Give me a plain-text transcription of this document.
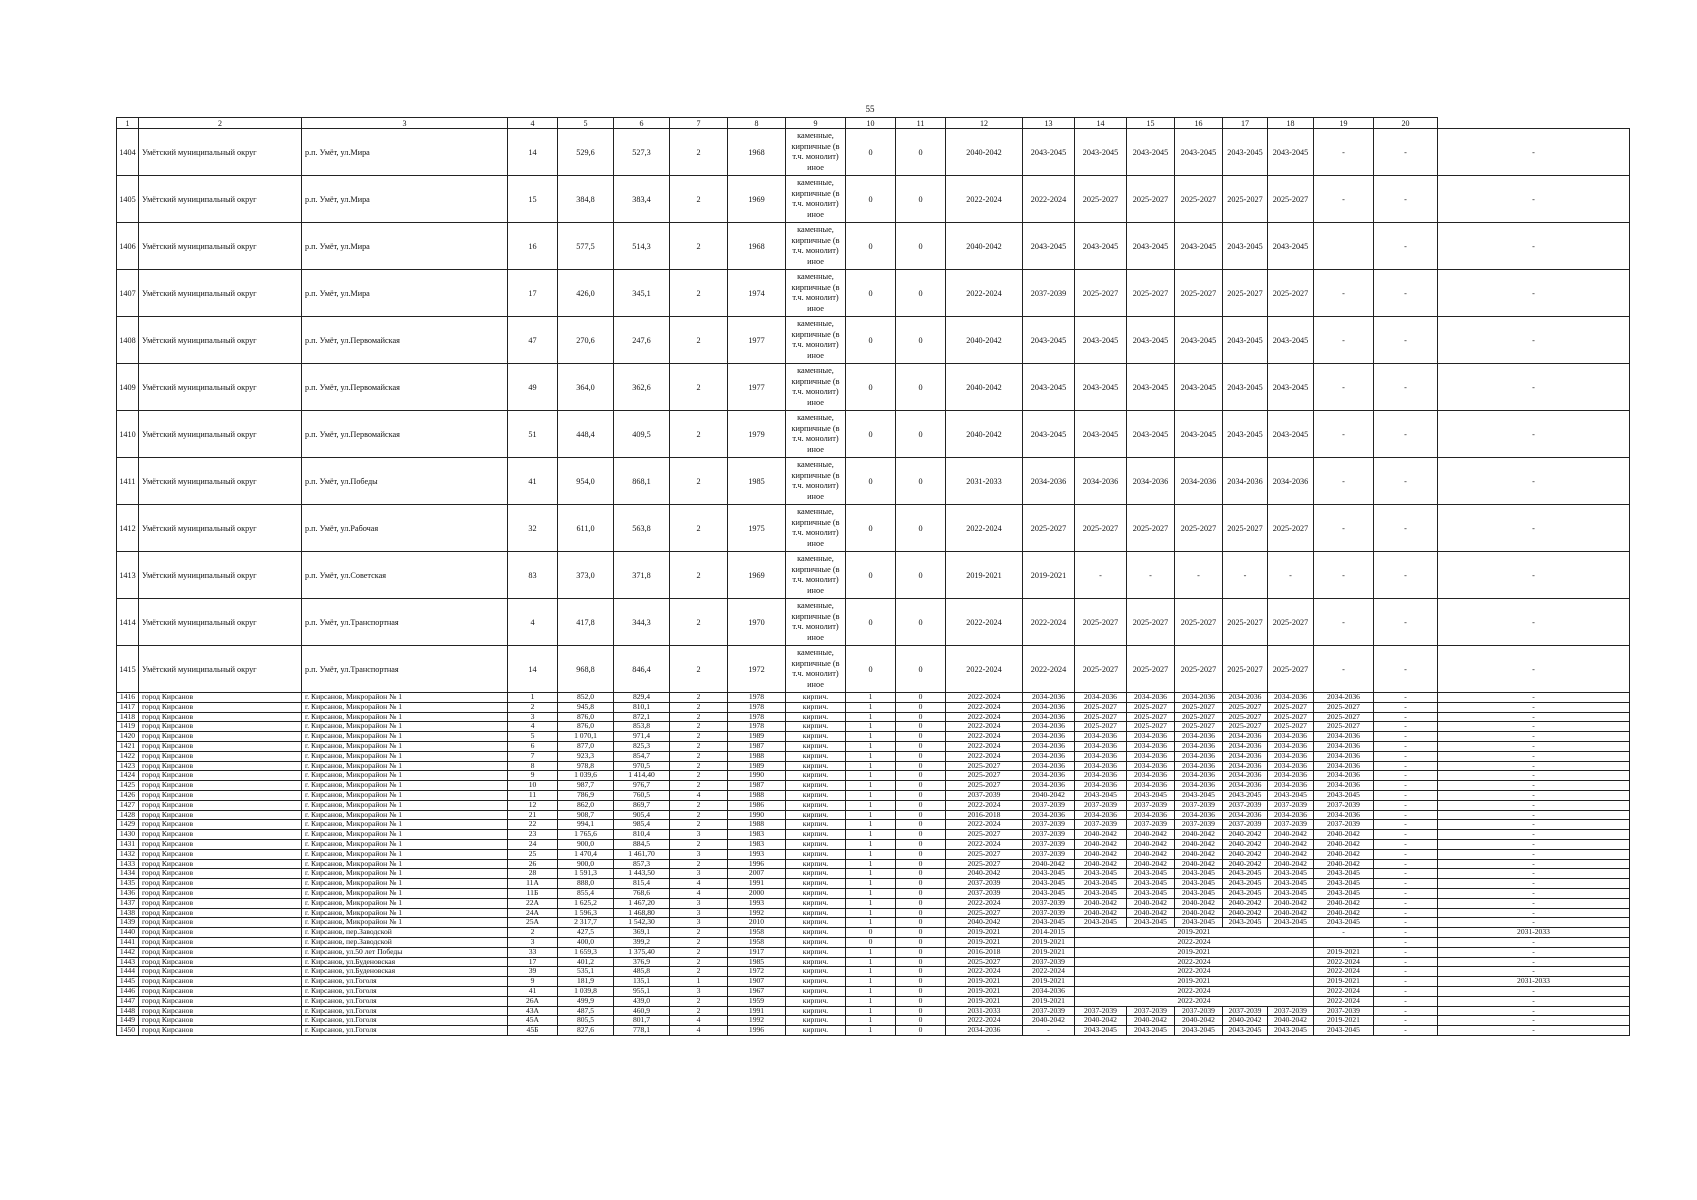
55
1	2	3	4	5	6	7	8	9	10	11	12	13	14	15	16	17	18	19	20	
1404	Умётский муниципальный округ	р.п. Умёт, ул.Мира	14	529,6	527,3	2	1968	каменные, кирпичные (в т.ч. монолит) иное	0	0	2040-2042	2043-2045	2043-2045	2043-2045	2043-2045	2043-2045	2043-2045	-	-	-
1405	Умётский муниципальный округ	р.п. Умёт, ул.Мира	15	384,8	383,4	2	1969	каменные, кирпичные (в т.ч. монолит) иное	0	0	2022-2024	2022-2024	2025-2027	2025-2027	2025-2027	2025-2027	2025-2027	-	-	-
1406	Умётский муниципальный округ	р.п. Умёт, ул.Мира	16	577,5	514,3	2	1968	каменные, кирпичные (в т.ч. монолит) иное	0	0	2040-2042	2043-2045	2043-2045	2043-2045	2043-2045	2043-2045	2043-2045		-	-
1407	Умётский муниципальный округ	р.п. Умёт, ул.Мира	17	426,0	345,1	2	1974	каменные, кирпичные (в т.ч. монолит) иное	0	0	2022-2024	2037-2039	2025-2027	2025-2027	2025-2027	2025-2027	2025-2027	-	-	-
1408	Умётский муниципальный округ	р.п. Умёт, ул.Первомайская	47	270,6	247,6	2	1977	каменные, кирпичные (в т.ч. монолит) иное	0	0	2040-2042	2043-2045	2043-2045	2043-2045	2043-2045	2043-2045	2043-2045	-	-	-
1409	Умётский муниципальный округ	р.п. Умёт, ул.Первомайская	49	364,0	362,6	2	1977	каменные, кирпичные (в т.ч. монолит) иное	0	0	2040-2042	2043-2045	2043-2045	2043-2045	2043-2045	2043-2045	2043-2045	-	-	-
1410	Умётский муниципальный округ	р.п. Умёт, ул.Первомайская	51	448,4	409,5	2	1979	каменные, кирпичные (в т.ч. монолит) иное	0	0	2040-2042	2043-2045	2043-2045	2043-2045	2043-2045	2043-2045	2043-2045	-	-	-
1411	Умётский муниципальный округ	р.п. Умёт, ул.Победы	41	954,0	868,1	2	1985	каменные, кирпичные (в т.ч. монолит) иное	0	0	2031-2033	2034-2036	2034-2036	2034-2036	2034-2036	2034-2036	2034-2036	-	-	-
1412	Умётский муниципальный округ	р.п. Умёт, ул.Рабочая	32	611,0	563,8	2	1975	каменные, кирпичные (в т.ч. монолит) иное	0	0	2022-2024	2025-2027	2025-2027	2025-2027	2025-2027	2025-2027	2025-2027	-	-	-
1413	Умётский муниципальный округ	р.п. Умёт, ул.Советская	83	373,0	371,8	2	1969	каменные, кирпичные (в т.ч. монолит) иное	0	0	2019-2021	2019-2021	-	-	-	-	-	-	-	-
1414	Умётский муниципальный округ	р.п. Умёт, ул.Транспортная	4	417,8	344,3	2	1970	каменные, кирпичные (в т.ч. монолит) иное	0	0	2022-2024	2022-2024	2025-2027	2025-2027	2025-2027	2025-2027	2025-2027	-	-	-
1415	Умётский муниципальный округ	р.п. Умёт, ул.Транспортная	14	968,8	846,4	2	1972	каменные, кирпичные (в т.ч. монолит) иное	0	0	2022-2024	2022-2024	2025-2027	2025-2027	2025-2027	2025-2027	2025-2027	-	-	-
1416	город Кирсанов	г. Кирсанов, Микрорайон № 1	1	852,0	829,4	2	1978	кирпич.	1	0	2022-2024	2034-2036	2034-2036	2034-2036	2034-2036	2034-2036	2034-2036	2034-2036	-	-
1417	город Кирсанов	г. Кирсанов, Микрорайон № 1	2	945,8	810,1	2	1978	кирпич.	1	0	2022-2024	2034-2036	2025-2027	2025-2027	2025-2027	2025-2027	2025-2027	2025-2027	-	-
1418	город Кирсанов	г. Кирсанов, Микрорайон № 1	3	876,0	872,1	2	1978	кирпич.	1	0	2022-2024	2034-2036	2025-2027	2025-2027	2025-2027	2025-2027	2025-2027	2025-2027	-	-
1419	город Кирсанов	г. Кирсанов, Микрорайон № 1	4	876,0	853,8	2	1978	кирпич.	1	0	2022-2024	2034-2036	2025-2027	2025-2027	2025-2027	2025-2027	2025-2027	2025-2027	-	-
1420	город Кирсанов	г. Кирсанов, Микрорайон № 1	5	1 070,1	971,4	2	1989	кирпич.	1	0	2022-2024	2034-2036	2034-2036	2034-2036	2034-2036	2034-2036	2034-2036	2034-2036	-	-
1421	город Кирсанов	г. Кирсанов, Микрорайон № 1	6	877,0	825,3	2	1987	кирпич.	1	0	2022-2024	2034-2036	2034-2036	2034-2036	2034-2036	2034-2036	2034-2036	2034-2036	-	-
1422	город Кирсанов	г. Кирсанов, Микрорайон № 1	7	923,3	854,7	2	1988	кирпич.	1	0	2022-2024	2034-2036	2034-2036	2034-2036	2034-2036	2034-2036	2034-2036	2034-2036	-	-
1423	город Кирсанов	г. Кирсанов, Микрорайон № 1	8	978,8	970,5	2	1989	кирпич.	1	0	2025-2027	2034-2036	2034-2036	2034-2036	2034-2036	2034-2036	2034-2036	2034-2036	-	-
1424	город Кирсанов	г. Кирсанов, Микрорайон № 1	9	1 039,6	1 414,40	2	1990	кирпич.	1	0	2025-2027	2034-2036	2034-2036	2034-2036	2034-2036	2034-2036	2034-2036	2034-2036	-	-
1425	город Кирсанов	г. Кирсанов, Микрорайон № 1	10	987,7	976,7	2	1987	кирпич.	1	0	2025-2027	2034-2036	2034-2036	2034-2036	2034-2036	2034-2036	2034-2036	2034-2036	-	-
1426	город Кирсанов	г. Кирсанов, Микрорайон № 1	11	786,9	760,5	4	1988	кирпич.	1	0	2037-2039	2040-2042	2043-2045	2043-2045	2043-2045	2043-2045	2043-2045	2043-2045	-	-
1427	город Кирсанов	г. Кирсанов, Микрорайон № 1	12	862,0	869,7	2	1986	кирпич.	1	0	2022-2024	2037-2039	2037-2039	2037-2039	2037-2039	2037-2039	2037-2039	2037-2039	-	-
1428	город Кирсанов	г. Кирсанов, Микрорайон № 1	21	908,7	905,4	2	1990	кирпич.	1	0	2016-2018	2034-2036	2034-2036	2034-2036	2034-2036	2034-2036	2034-2036	2034-2036	-	-
1429	город Кирсанов	г. Кирсанов, Микрорайон № 1	22	994,1	985,4	2	1988	кирпич.	1	0	2022-2024	2037-2039	2037-2039	2037-2039	2037-2039	2037-2039	2037-2039	2037-2039	-	-
1430	город Кирсанов	г. Кирсанов, Микрорайон № 1	23	1 765,6	810,4	3	1983	кирпич.	1	0	2025-2027	2037-2039	2040-2042	2040-2042	2040-2042	2040-2042	2040-2042	2040-2042	-	-
1431	город Кирсанов	г. Кирсанов, Микрорайон № 1	24	900,0	884,5	2	1983	кирпич.	1	0	2022-2024	2037-2039	2040-2042	2040-2042	2040-2042	2040-2042	2040-2042	2040-2042	-	-
1432	город Кирсанов	г. Кирсанов, Микрорайон № 1	25	1 470,4	1 461,70	3	1993	кирпич.	1	0	2025-2027	2037-2039	2040-2042	2040-2042	2040-2042	2040-2042	2040-2042	2040-2042	-	-
1433	город Кирсанов	г. Кирсанов, Микрорайон № 1	26	900,0	857,3	2	1996	кирпич.	1	0	2025-2027	2040-2042	2040-2042	2040-2042	2040-2042	2040-2042	2040-2042	2040-2042	-	-
1434	город Кирсанов	г. Кирсанов, Микрорайон № 1	28	1 591,3	1 443,50	3	2007	кирпич.	1	0	2040-2042	2043-2045	2043-2045	2043-2045	2043-2045	2043-2045	2043-2045	2043-2045	-	-
1435	город Кирсанов	г. Кирсанов, Микрорайон № 1	11А	888,0	815,4	4	1991	кирпич.	1	0	2037-2039	2043-2045	2043-2045	2043-2045	2043-2045	2043-2045	2043-2045	2043-2045	-	-
1436	город Кирсанов	г. Кирсанов, Микрорайон № 1	11Б	855,4	768,6	4	2000	кирпич.	1	0	2037-2039	2043-2045	2043-2045	2043-2045	2043-2045	2043-2045	2043-2045	2043-2045	-	-
1437	город Кирсанов	г. Кирсанов, Микрорайон № 1	22А	1 625,2	1 467,20	3	1993	кирпич.	1	0	2022-2024	2037-2039	2040-2042	2040-2042	2040-2042	2040-2042	2040-2042	2040-2042	-	-
1438	город Кирсанов	г. Кирсанов, Микрорайон № 1	24А	1 596,3	1 468,80	3	1992	кирпич.	1	0	2025-2027	2037-2039	2040-2042	2040-2042	2040-2042	2040-2042	2040-2042	2040-2042	-	-
1439	город Кирсанов	г. Кирсанов, Микрорайон № 1	25А	2 317,7	1 542,30	3	2010	кирпич.	1	0	2040-2042	2043-2045	2043-2045	2043-2045	2043-2045	2043-2045	2043-2045	2043-2045	-	-
1440	город Кирсанов	г. Кирсанов, пер.Заводской	2	427,5	369,1	2	1958	кирпич.	0	0	2019-2021	2014-2015	2019-2021					-	-	2031-2033
1441	город Кирсанов	г. Кирсанов, пер.Заводской	3	400,0	399,2	2	1958	кирпич.	0	0	2019-2021	2019-2021	2022-2024						-	-
1442	город Кирсанов	г. Кирсанов, ул.50 лет Победы	33	1 659,3	1 375,40	2	1917	кирпич.	1	0	2016-2018	2019-2021	2019-2021					2019-2021	-	-
1443	город Кирсанов	г. Кирсанов, ул.Буденовская	17	401,2	376,9	2	1985	кирпич.	1	0	2025-2027	2037-2039	2022-2024					2022-2024	-	-
1444	город Кирсанов	г. Кирсанов, ул.Буденовская	39	535,1	485,8	2	1972	кирпич.	1	0	2022-2024	2022-2024	2022-2024					2022-2024	-	-
1445	город Кирсанов	г. Кирсанов, ул.Гоголя	9	181,9	135,1	1	1907	кирпич.	1	0	2019-2021	2019-2021	2019-2021					2019-2021	-	2031-2033
1446	город Кирсанов	г. Кирсанов, ул.Гоголя	41	1 039,8	955,1	3	1967	кирпич.	1	0	2019-2021	2034-2036	2022-2024					2022-2024	-	-
1447	город Кирсанов	г. Кирсанов, ул.Гоголя	26А	499,9	439,0	2	1959	кирпич.	1	0	2019-2021	2019-2021	2022-2024					2022-2024	-	-
1448	город Кирсанов	г. Кирсанов, ул.Гоголя	43А	487,5	460,9	2	1991	кирпич.	1	0	2031-2033	2037-2039	2037-2039	2037-2039	2037-2039	2037-2039	2037-2039	2037-2039	-	-
1449	город Кирсанов	г. Кирсанов, ул.Гоголя	45А	805,5	801,7	4	1992	кирпич.	1	0	2022-2024	2040-2042	2040-2042	2040-2042	2040-2042	2040-2042	2040-2042	2019-2021	-	-
1450	город Кирсанов	г. Кирсанов, ул.Гоголя	45Б	827,6	778,1	4	1996	кирпич.	1	0	2034-2036	-	2043-2045	2043-2045	2043-2045	2043-2045	2043-2045	2043-2045	-	-
